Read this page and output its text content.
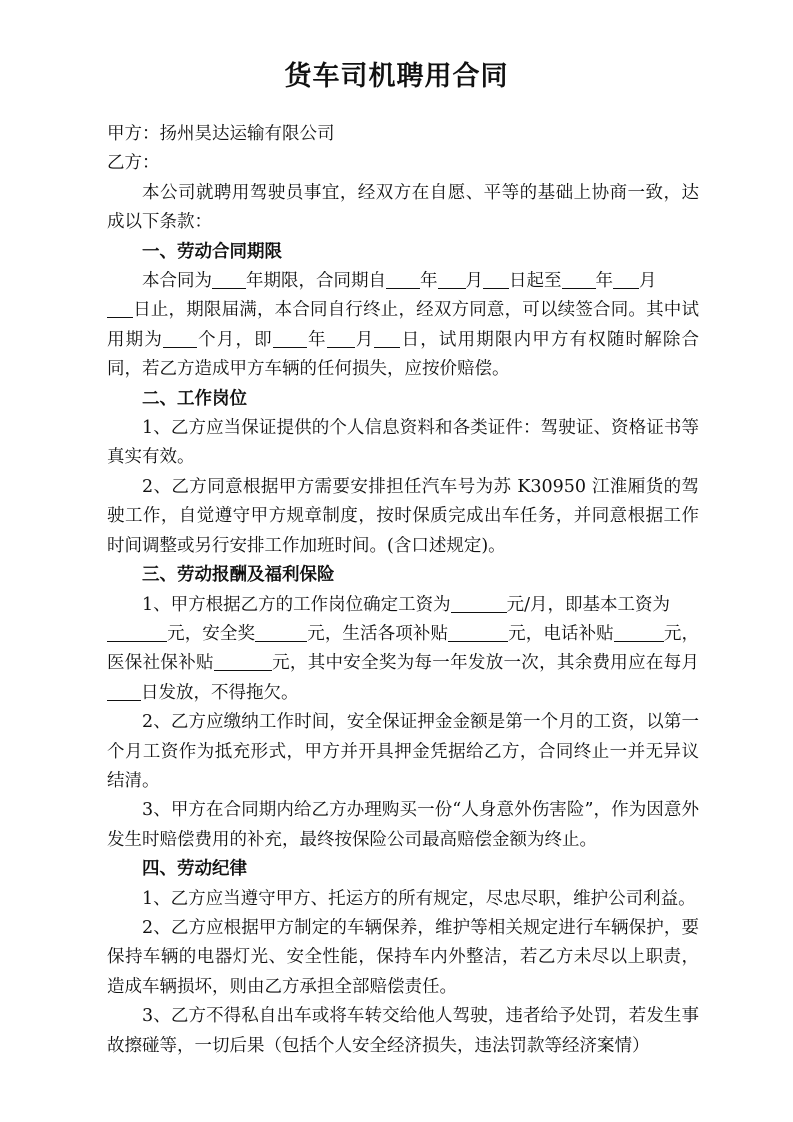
货车司机聘用合同

甲方：扬州昊达运输有限公司

乙方：

本公司就聘用驾驶员事宜，经双方在自愿、平等的基础上协商一致，达成以下条款：

一、劳动合同期限

本合同为 年期限，合同期自 年 月 日起至 年 月
日止，期限届满，本合同自行终止，经双方同意，可以续签合同。其中试用期为 个月，即 年 月 日，试用期限内甲方有权随时解除合同，若乙方造成甲方车辆的任何损失，应按价赔偿。

二、工作岗位

1、乙方应当保证提供的个人信息资料和各类证件：驾驶证、资格证书等真实有效。

2、乙方同意根据甲方需要安排担任汽车号为苏 K30950 江淮厢货的驾驶工作，自觉遵守甲方规章制度，按时保质完成出车任务，并同意根据工作时间调整或另行安排工作加班时间。(含口述规定)。

三、劳动报酬及福利保险

1、甲方根据乙方的工作岗位确定工资为	元/月，即基本工资为
元，安全奖	元，生活各项补贴	元，电话补贴	元，医保社保补贴	元，其中安全奖为每一年发放一次，其余费用应在每月日发放，不得拖欠。

2、乙方应缴纳工作时间，安全保证押金金额是第一个月的工资，以第一个月工资作为抵充形式，甲方并开具押金凭据给乙方，合同终止一并无异议结清。

3、甲方在合同期内给乙方办理购买一份“人身意外伤害险”，作为因意外发生时赔偿费用的补充，最终按保险公司最高赔偿金额为终止。

四、劳动纪律

1、乙方应当遵守甲方、托运方的所有规定，尽忠尽职，维护公司利益。

2、乙方应根据甲方制定的车辆保养，维护等相关规定进行车辆保护，要保持车辆的电器灯光、安全性能，保持车内外整洁，若乙方未尽以上职责，造成车辆损坏，则由乙方承担全部赔偿责任。

3、乙方不得私自出车或将车转交给他人驾驶，违者给予处罚，若发生事故擦碰等，一切后果（包括个人安全经济损失，违法罚款等经济案情）
